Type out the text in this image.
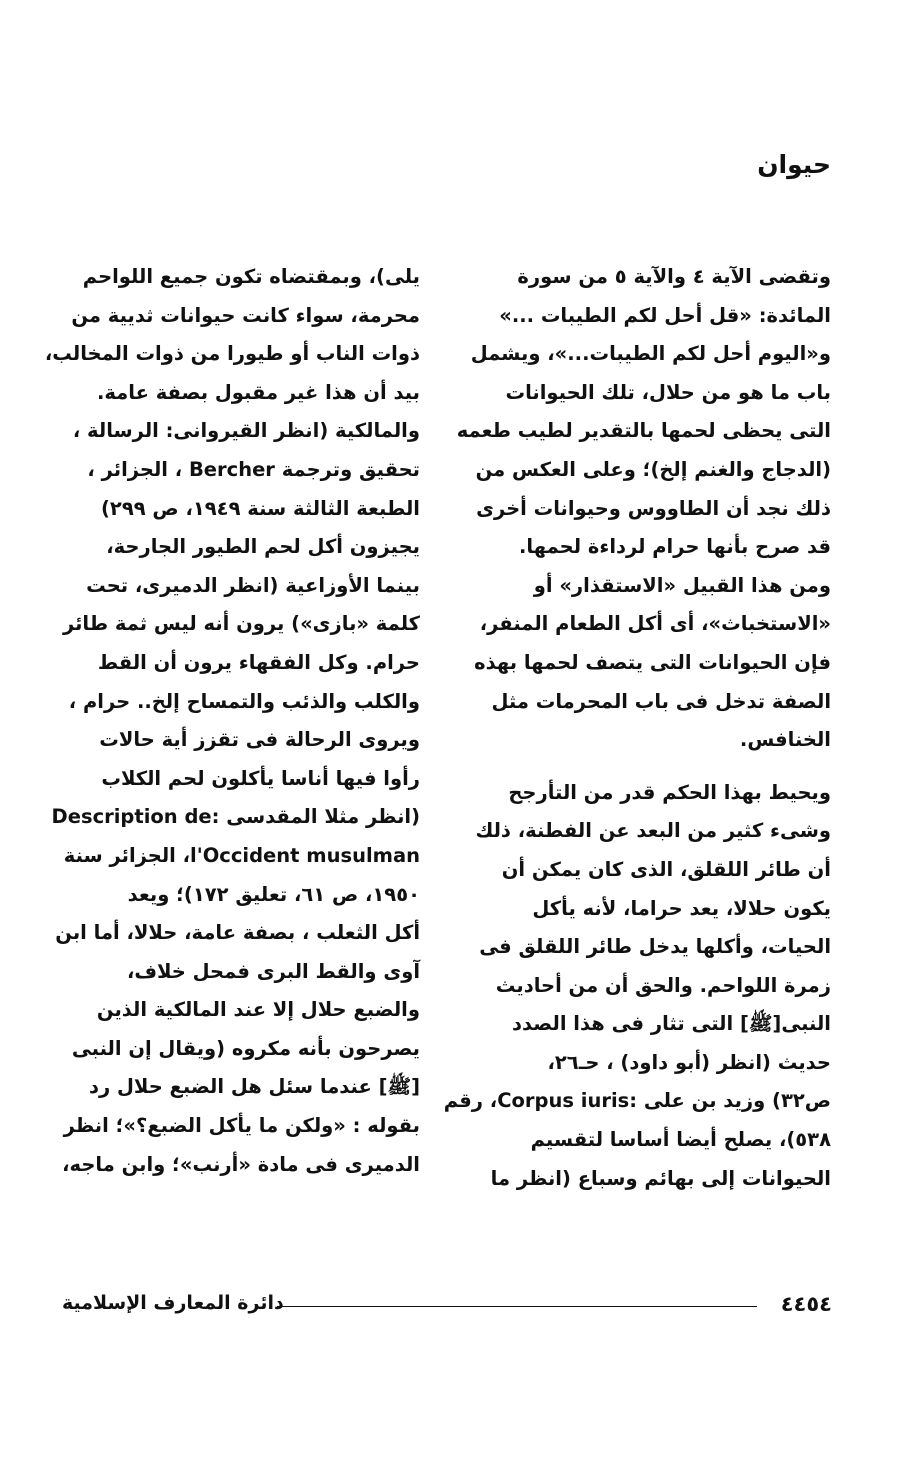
حيوان

وتقضى الآية ٤ والآية ٥ من سورة
المائدة: «قل أحل لكم الطيبات ...»
و«اليوم أحل لكم الطيبات...»، ويشمل
باب ما هو من حلال، تلك الحيوانات
التى يحظى لحمها بالتقدير لطيب طعمه
(الدجاج والغنم إلخ)؛ وعلى العكس من
ذلك نجد أن الطاووس وحيوانات أخرى
قد صرح بأنها حرام لرداءة لحمها.
ومن هذا القبيل «الاستقذار» أو
«الاستخباث»، أى أكل الطعام المنفر،
فإن الحيوانات التى يتصف لحمها بهذه
الصفة تدخل فى باب المحرمات مثل
الخنافس.

ويحيط بهذا الحكم قدر من التأرجح
وشىء كثير من البعد عن الفطنة، ذلك
أن طائر اللقلق، الذى كان يمكن أن
يكون حلالا، يعد حراما، لأنه يأكل
الحيات، وأكلها يدخل طائر اللقلق فى
زمرة اللواحم. والحق أن من أحاديث
النبى[ﷺ] التى تثار فى هذا الصدد
حديث (انظر (أبو داود) ، حـ٢٦،
ص٣٢) وزيد بن على :Corpus iuris، رقم
٥٣٨)، يصلح أيضا أساسا لتقسيم
الحيوانات إلى بهائم وسباع (انظر ما

يلى)، وبمقتضاه تكون جميع اللواحم
محرمة، سواء كانت حيوانات ثديية من
ذوات الناب أو طيورا من ذوات المخالب،
بيد أن هذا غير مقبول بصفة عامة.
والمالكية (انظر القيروانى: الرسالة ،
تحقيق وترجمة Bercher ، الجزائر ،
الطبعة الثالثة سنة ١٩٤٩، ص ٢٩٩)
يجيزون أكل لحم الطيور الجارحة،
بينما الأوزاعية (انظر الدميرى، تحت
كلمة «بازى») يرون أنه ليس ثمة طائر
حرام. وكل الفقهاء يرون أن القط
والكلب والذئب والتمساح إلخ.. حرام ،
ويروى الرحالة فى تقزز أية حالات
رأوا فيها أناسا يأكلون لحم الكلاب
(انظر مثلا المقدسى :Description de
l'Occident musulman، الجزائر سنة
١٩٥٠، ص ٦١، تعليق ١٧٢)؛ ويعد
أكل الثعلب ، بصفة عامة، حلالا، أما ابن
آوى والقط البرى فمحل خلاف،
والضبع حلال إلا عند المالكية الذين
يصرحون بأنه مكروه (ويقال إن النبى
[ﷺ] عندما سئل هل الضبع حلال رد
بقوله : «ولكن ما يأكل الضبع؟»؛ انظر
الدميرى فى مادة «أرنب»؛ وابن ماجه،

٤٤٥٤
دائرة المعارف الإسلامية
